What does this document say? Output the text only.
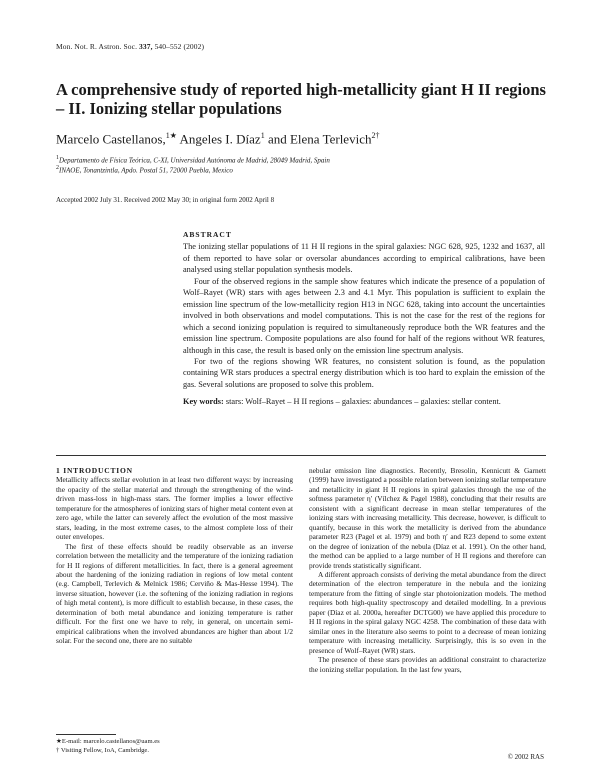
Mon. Not. R. Astron. Soc. 337, 540–552 (2002)
A comprehensive study of reported high-metallicity giant H II regions – II. Ionizing stellar populations

Marcelo Castellanos,$^{1★}$ Angeles I. Díaz$^1$ and Elena Terlevich$^{2\dagger}$

$^1$Departamento de Física Teórica, C-XI, Universidad Autónoma de Madrid, 28049 Madrid, Spain
$^2$INAOE, Tonantzintla, Apdo. Postal 51, 72000 Puebla, Mexico
Accepted 2002 July 31. Received 2002 May 30; in original form 2002 April 8
ABSTRACT

The ionizing stellar populations of 11 H II regions in the spiral galaxies: NGC 628, 925, 1232 and 1637, all of them reported to have solar or oversolar abundances according to empirical calibrations, have been analysed using stellar population synthesis models.

Four of the observed regions in the sample show features which indicate the presence of a population of Wolf–Rayet (WR) stars with ages between 2.3 and 4.1 Myr. This population is sufficient to explain the emission line spectrum of the low-metallicity region H13 in NGC 628, taking into account the uncertainties involved in both observations and model computations. This is not the case for the rest of the regions for which a second ionizing population is required to simultaneously reproduce both the WR features and the emission line spectrum. Composite populations are also found for half of the regions without WR features, although in this case, the result is based only on the emission line spectrum analysis.

For two of the regions showing WR features, no consistent solution is found, as the population containing WR stars produces a spectral energy distribution which is too hard to explain the emission of the gas. Several solutions are proposed to solve this problem.

Key words: stars: Wolf–Rayet – H II regions – galaxies: abundances – galaxies: stellar content.

1 INTRODUCTION

Metallicity affects stellar evolution in at least two different ways: by increasing the opacity of the stellar material and through the strengthening of the wind-driven mass-loss in high-mass stars. The former implies a lower effective temperature for the atmospheres of ionizing stars of higher metal content even at zero age, while the latter can severely affect the evolution of the most massive stars, leading, in the most extreme cases, to the almost complete loss of their outer envelopes.

The first of these effects should be readily observable as an inverse correlation between the metallicity and the temperature of the ionizing radiation for H II regions of different metallicities. In fact, there is a general agreement about the hardening of the ionizing radiation in regions of low metal content (e.g. Campbell, Terlevich & Melnick 1986; Cerviño & Mas-Hesse 1994). The inverse situation, however (i.e. the softening of the ionizing radiation in regions of high metal content), is more difficult to establish because, in these cases, the determination of both metal abundance and ionizing temperature is rather difficult. For the first one we have to rely, in general, on uncertain semi-empirical calibrations when the involved abundances are higher than about 1/2 solar. For the second one, there are no suitable

nebular emission line diagnostics. Recently, Bresolin, Kennicutt & Garnett (1999) have investigated a possible relation between ionizing stellar temperature and metallicity in giant H II regions in spiral galaxies through the use of the softness parameter η′ (Vílchez & Pagel 1988), concluding that their results are consistent with a significant decrease in mean stellar temperatures of the ionizing stars with increasing metallicity. This decrease, however, is difficult to quantify, because in this work the metallicity is derived from the abundance parameter R23 (Pagel et al. 1979) and both η′ and R23 depend to some extent on the degree of ionization of the nebula (Díaz et al. 1991). On the other hand, the method can be applied to a large number of H II regions and therefore can provide trends statistically significant.

A different approach consists of deriving the metal abundance from the direct determination of the electron temperature in the nebula and the ionizing temperature from the fitting of single star photoionization models. The method requires both high-quality spectroscopy and detailed modelling. In a previous paper (Díaz et al. 2000a, hereafter DCTG00) we have applied this procedure to H II regions in the spiral galaxy NGC 4258. The combination of these data with similar ones in the literature also seems to point to a decrease of mean ionizing temperature with increasing metallicity. Surprisingly, this is so even in the presence of Wolf–Rayet (WR) stars.

The presence of these stars provides an additional constraint to characterize the ionizing stellar population. In the last few years,

★E-mail: marcelo.castellanos@uam.es
† Visiting Fellow, IoA, Cambridge.
© 2002 RAS
